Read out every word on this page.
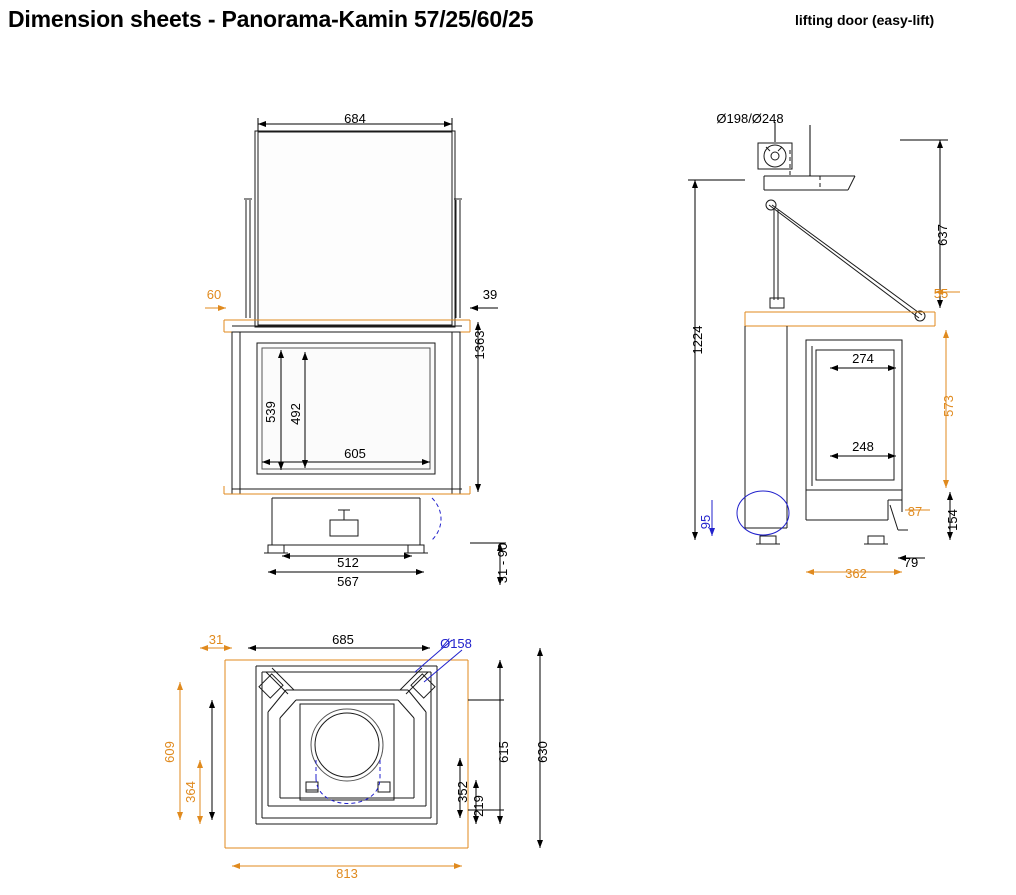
Dimension sheets - Panorama-Kamin 57/25/60/25	lifting door (easy-lift)
684
60	39
1363
539 492
605
512
567	31 - 90
Ø198/Ø248
637
1224
55
573
274
248
154
87
95
79
362
31	685	Ø158
609
364
615 630
219
352
813
